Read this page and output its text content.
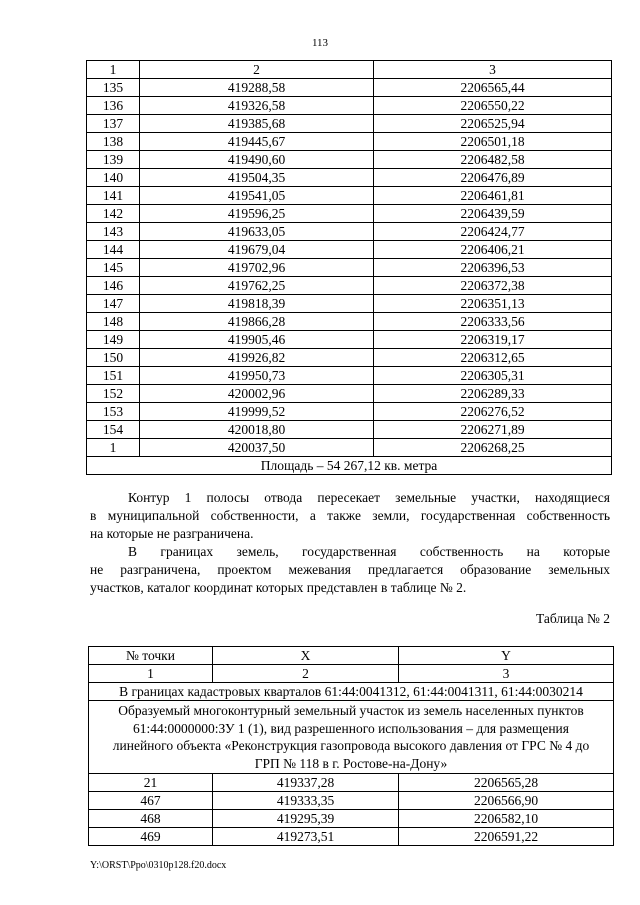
113
1	2	3
135	419288,58	2206565,44
136	419326,58	2206550,22
137	419385,68	2206525,94
138	419445,67	2206501,18
139	419490,60	2206482,58
140	419504,35	2206476,89
141	419541,05	2206461,81
142	419596,25	2206439,59
143	419633,05	2206424,77
144	419679,04	2206406,21
145	419702,96	2206396,53
146	419762,25	2206372,38
147	419818,39	2206351,13
148	419866,28	2206333,56
149	419905,46	2206319,17
150	419926,82	2206312,65
151	419950,73	2206305,31
152	420002,96	2206289,33
153	419999,52	2206276,52
154	420018,80	2206271,89
1	420037,50	2206268,25
Площадь – 54 267,12 кв. метра		
Контур 1 полосы отвода пересекает земельные участки, находящиеся
в муниципальной собственности, а также земли, государственная собственность
на которые не разграничена.
В границах земель, государственная собственность на которые
не разграничена, проектом межевания предлагается образование земельных
участков, каталог координат которых представлен в таблице № 2.
Таблица № 2
№ точки	X	Y
1	2	3
В границах кадастровых кварталов 61:44:0041312, 61:44:0041311, 61:44:0030214		
Образуемый многоконтурный земельный участок из земель населенных пунктов 61:44:0000000:ЗУ 1 (1), вид разрешенного использования – для размещения линейного объекта «Реконструкция газопровода высокого давления от ГРС № 4 до ГРП № 118 в г. Ростове-на-Дону»		
21	419337,28	2206565,28
467	419333,35	2206566,90
468	419295,39	2206582,10
469	419273,51	2206591,22
Y:\ORST\Ppo\0310p128.f20.docx
